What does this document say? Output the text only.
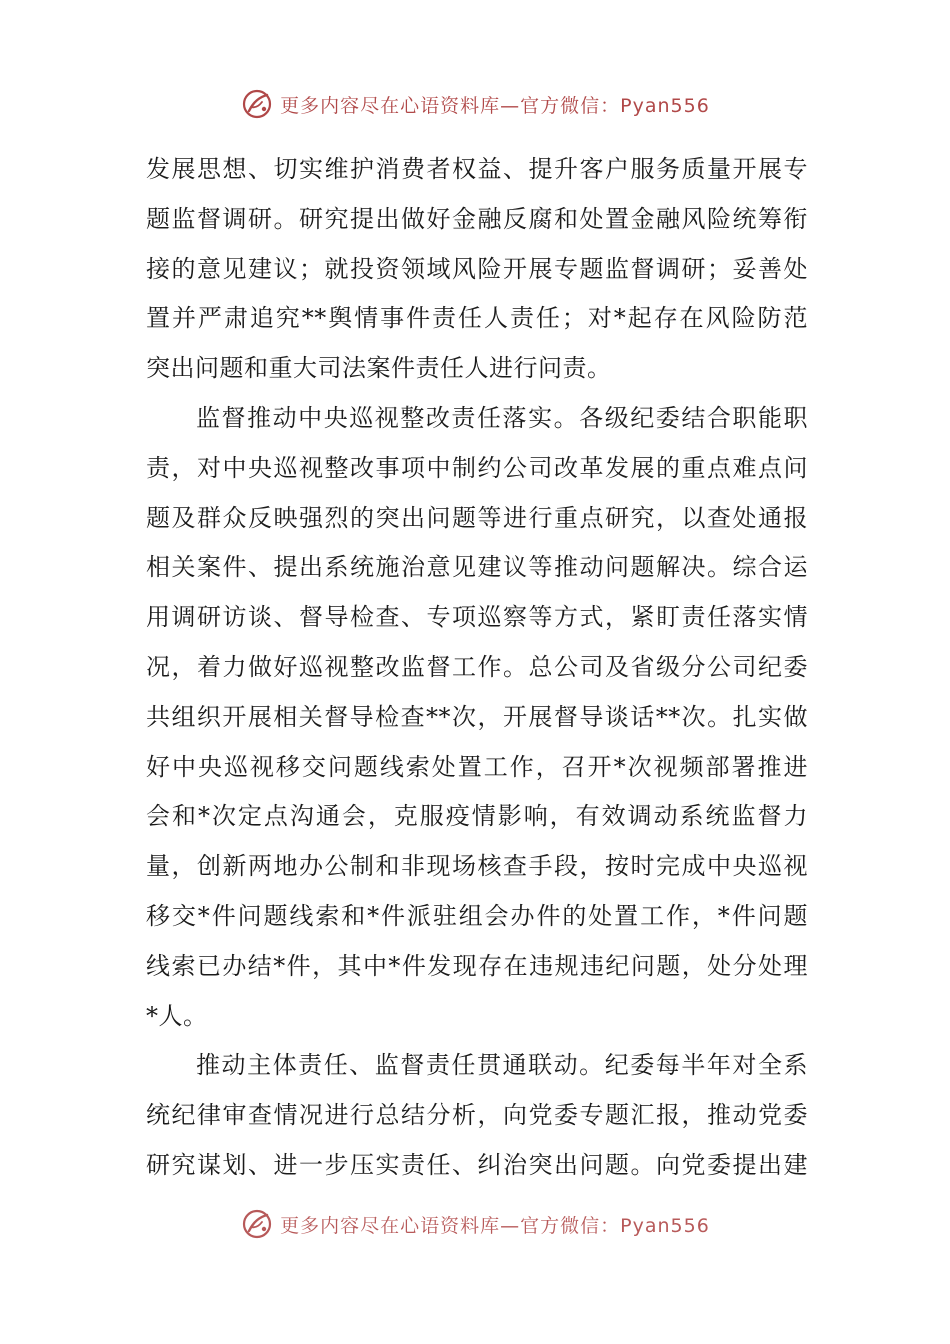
更多内容尽在心语资料库—官方微信：Pyan556
发展思想、切实维护消费者权益、提升客户服务质量开展专
题监督调研。研究提出做好金融反腐和处置金融风险统筹衔
接的意见建议；就投资领域风险开展专题监督调研；妥善处
置并严肃追究**舆情事件责任人责任；对*起存在风险防范
突出问题和重大司法案件责任人进行问责。
监督推动中央巡视整改责任落实。各级纪委结合职能职
责，对中央巡视整改事项中制约公司改革发展的重点难点问
题及群众反映强烈的突出问题等进行重点研究，以查处通报
相关案件、提出系统施治意见建议等推动问题解决。综合运
用调研访谈、督导检查、专项巡察等方式，紧盯责任落实情
况，着力做好巡视整改监督工作。总公司及省级分公司纪委
共组织开展相关督导检查**次，开展督导谈话**次。扎实做
好中央巡视移交问题线索处置工作，召开*次视频部署推进
会和*次定点沟通会，克服疫情影响，有效调动系统监督力
量，创新两地办公制和非现场核查手段，按时完成中央巡视
移交*件问题线索和*件派驻组会办件的处置工作，*件问题
线索已办结*件，其中*件发现存在违规违纪问题，处分处理
*人。
推动主体责任、监督责任贯通联动。纪委每半年对全系
统纪律审查情况进行总结分析，向党委专题汇报，推动党委
研究谋划、进一步压实责任、纠治突出问题。向党委提出建
更多内容尽在心语资料库—官方微信：Pyan556
